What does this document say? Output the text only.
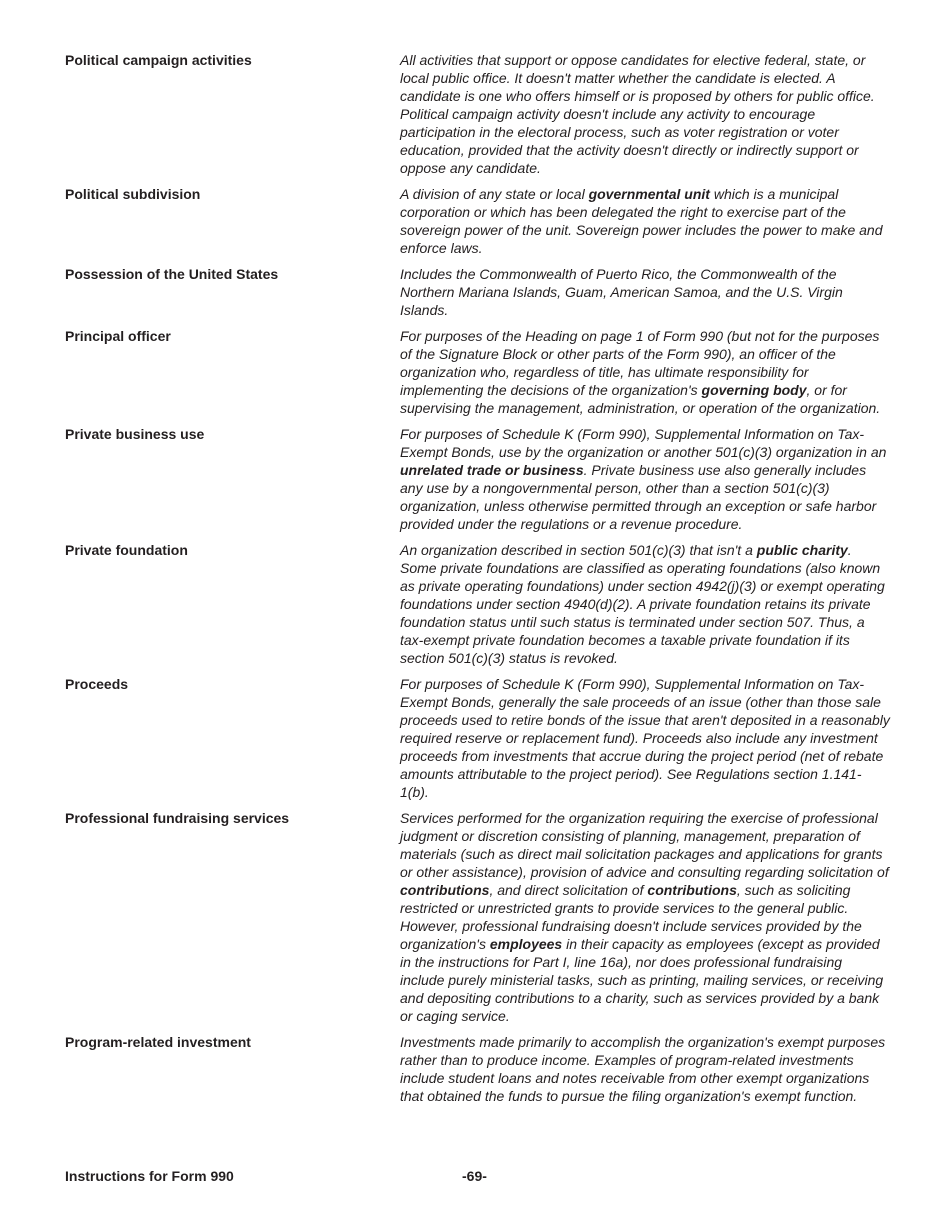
Political campaign activities	All activities that support or oppose candidates for elective federal, state, or local public office. It doesn't matter whether the candidate is elected. A candidate is one who offers himself or is proposed by others for public office. Political campaign activity doesn't include any activity to encourage participation in the electoral process, such as voter registration or voter education, provided that the activity doesn't directly or indirectly support or oppose any candidate.
Political subdivision	A division of any state or local governmental unit which is a municipal corporation or which has been delegated the right to exercise part of the sovereign power of the unit. Sovereign power includes the power to make and enforce laws.
Possession of the United States	Includes the Commonwealth of Puerto Rico, the Commonwealth of the Northern Mariana Islands, Guam, American Samoa, and the U.S. Virgin Islands.
Principal officer	For purposes of the Heading on page 1 of Form 990 (but not for the purposes of the Signature Block or other parts of the Form 990), an officer of the organization who, regardless of title, has ultimate responsibility for implementing the decisions of the organization's governing body, or for supervising the management, administration, or operation of the organization.
Private business use	For purposes of Schedule K (Form 990), Supplemental Information on Tax-Exempt Bonds, use by the organization or another 501(c)(3) organization in an unrelated trade or business. Private business use also generally includes any use by a nongovernmental person, other than a section 501(c)(3) organization, unless otherwise permitted through an exception or safe harbor provided under the regulations or a revenue procedure.
Private foundation	An organization described in section 501(c)(3) that isn't a public charity. Some private foundations are classified as operating foundations (also known as private operating foundations) under section 4942(j)(3) or exempt operating foundations under section 4940(d)(2). A private foundation retains its private foundation status until such status is terminated under section 507. Thus, a tax-exempt private foundation becomes a taxable private foundation if its section 501(c)(3) status is revoked.
Proceeds	For purposes of Schedule K (Form 990), Supplemental Information on Tax-Exempt Bonds, generally the sale proceeds of an issue (other than those sale proceeds used to retire bonds of the issue that aren't deposited in a reasonably required reserve or replacement fund). Proceeds also include any investment proceeds from investments that accrue during the project period (net of rebate amounts attributable to the project period). See Regulations section 1.141-1(b).
Professional fundraising services	Services performed for the organization requiring the exercise of professional judgment or discretion consisting of planning, management, preparation of materials (such as direct mail solicitation packages and applications for grants or other assistance), provision of advice and consulting regarding solicitation of contributions, and direct solicitation of contributions, such as soliciting restricted or unrestricted grants to provide services to the general public. However, professional fundraising doesn't include services provided by the organization's employees in their capacity as employees (except as provided in the instructions for Part I, line 16a), nor does professional fundraising include purely ministerial tasks, such as printing, mailing services, or receiving and depositing contributions to a charity, such as services provided by a bank or caging service.
Program-related investment	Investments made primarily to accomplish the organization's exempt purposes rather than to produce income. Examples of program-related investments include student loans and notes receivable from other exempt organizations that obtained the funds to pursue the filing organization's exempt function.
Instructions for Form 990	-69-
